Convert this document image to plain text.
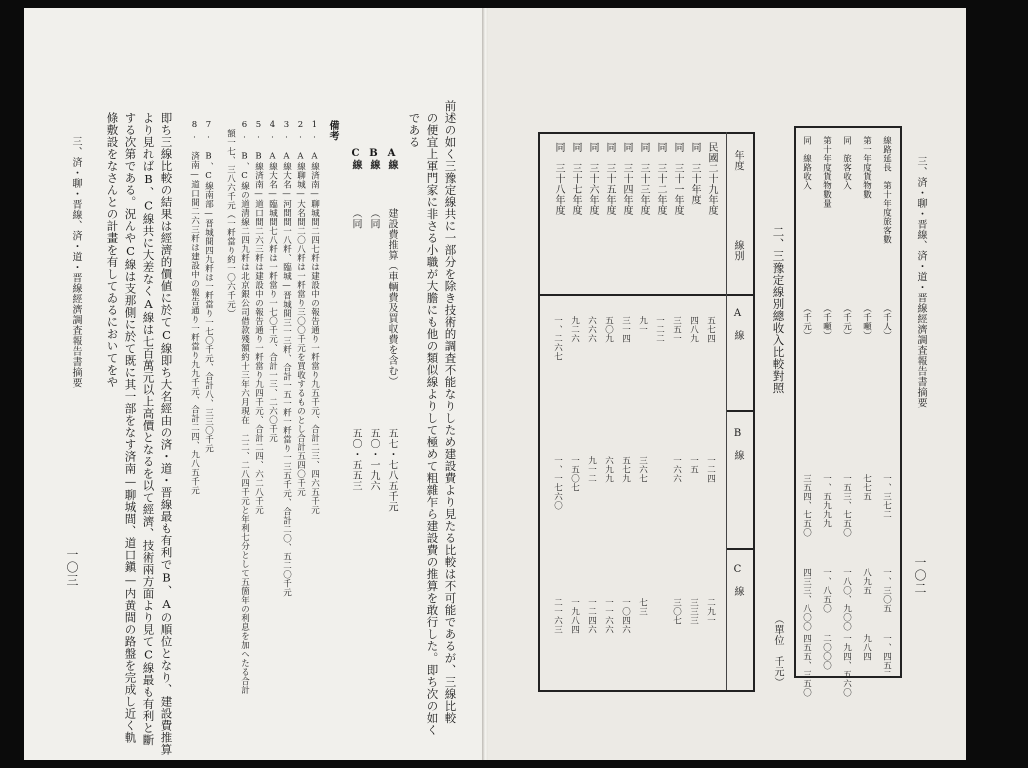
前述の如く三豫定線共に一部分を除き技術的調査不能なりしため建設費より見たる比較は不可能であるが、三線比較
の便宜上軍門家に非さる小職が大膽にも他の類似線よりして極めて粗雜乍ら建設費の推算を敢行した。即ち次の如く
である
建設費推算（車輌費及買収費を含む）
A線
五七・七八五千元
B線
（同
五〇・一九六
C線
（同
五〇・五五三
備考
1. A線済南—聊城間二四七粁は建設中の報告通り一粁當り九五千元、合計二三、四六五千元
2. A線聊城—大名間二〇八粁は一粁當り三〇〇千元を買收するものとし合計五四〇千元
3. A線大名—河間間一八粁、臨城—晋城間三一三粁、合計一五一粁一粁當り一三五千元、合計二〇、五二〇千元
4. A線大名—臨城間七八粁は一粁當り一七〇千元、合計一三、二六〇千元
5. B線済南—道口間二六三粁は建設中の報告通り一粁當り九四千元、合計二四、六二八千元
6. B、C線の道清線二四九粁は北京銀公司借款殘額約十三年六月現在　二二、二八四千元と年利七分として五箇年の利息を加へたる合計
　額一七、三八六千元（一粁當り約一〇六千元）
7. B、C線南部—晋城間四九粁は一粁當り一七〇千元、合計八、三三〇千元
8. 済南—道口間二六三粁は建設中の報告通り一粁當り九九千元、合計二四、九八五千元
即ち三線比較の結果は經濟的價値に於てC線即ち大名經由の済・道・晋線最も有利でB、Aの順位となり、建設費推算
より見ればB、C線共に大差なくA線は七百萬元以上高價となるを以て經濟、技術兩方面より見てC線最も有利と斷
する次第である。況んやC線は支那側に於て既に其一部をなす済南—聊城間、道口鎭—内黄間の路盤を完成し近く軌
條敷設をなさんとの計畫を有してゐるにおいてをや
三、済・聊・晋線、済・道・晋線經濟調査報告書摘要
一〇三
三、済・聊・晋線、済・道・晋線經濟調査報告書摘要
一〇二
線路延長　第十年度旅客數
（千人）
一、三七二
一、三〇五
一、四五二
第一年度貨物數
（千噸）
七七五
八九五
九八四
同　旅客收入
（千元）
一五三、七五〇
一八〇、九〇〇
一九四、五六〇
第十年度貨物數量
（千噸）
一、五九九九
一、八五〇
二〇〇〇
同　線路收入
（千元）
三五四、七五〇
四三三、八〇〇
四五五、三五〇
二、三豫定線別總收入比較對照
（單位　千元）
年度
線別
A　線
B　線
C　線
民國二十九年度
五七四
一二四
二九一
同　三十年度
四八九
一五
三三三
同　三十一年度
三五一
一六六
三〇七
同　三十二年度
一二二
同　三十三年度
九一
三六七
七三
同　三十四年度
三一四
五七九
一〇四六
同　三十五年度
五〇九
六九九
一一六六
同　三十六年度
六六六
九一二
一二四六
同　三十七年度
九二六
一五〇七
一九八四
同　三十八年度
一、二六七
一、一七六〇
二一六三
